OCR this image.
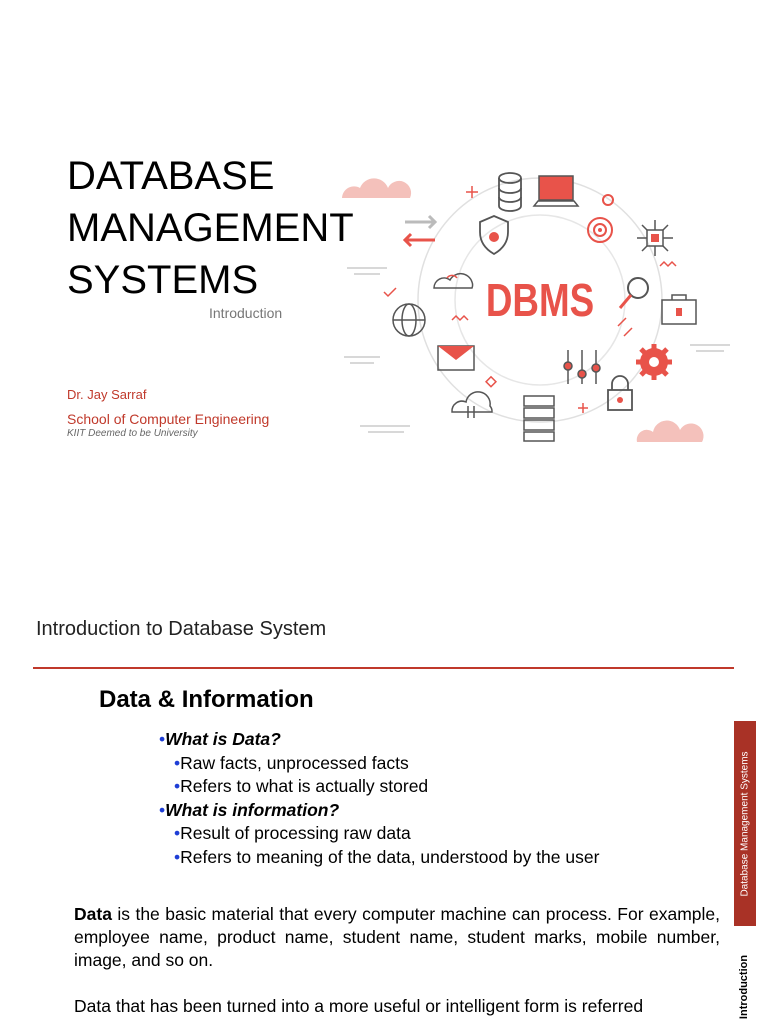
DATABASE
MANAGEMENT
SYSTEMS
Introduction
Dr. Jay Sarraf
School of Computer Engineering
KIIT Deemed to be University
DBMS
Introduction to Database System
Data & Information
•What is Data?
•Raw facts, unprocessed facts
•Refers to what is actually stored
•What is information?
•Result of processing raw data
•Refers to meaning of the data, understood by the user
Data is the basic material that every computer machine can process. For example, employee name, product name, student name, student marks, mobile number, image, and so on.
Data that has been turned into a more useful or intelligent form is referred
Database Management Systems
Introduction
